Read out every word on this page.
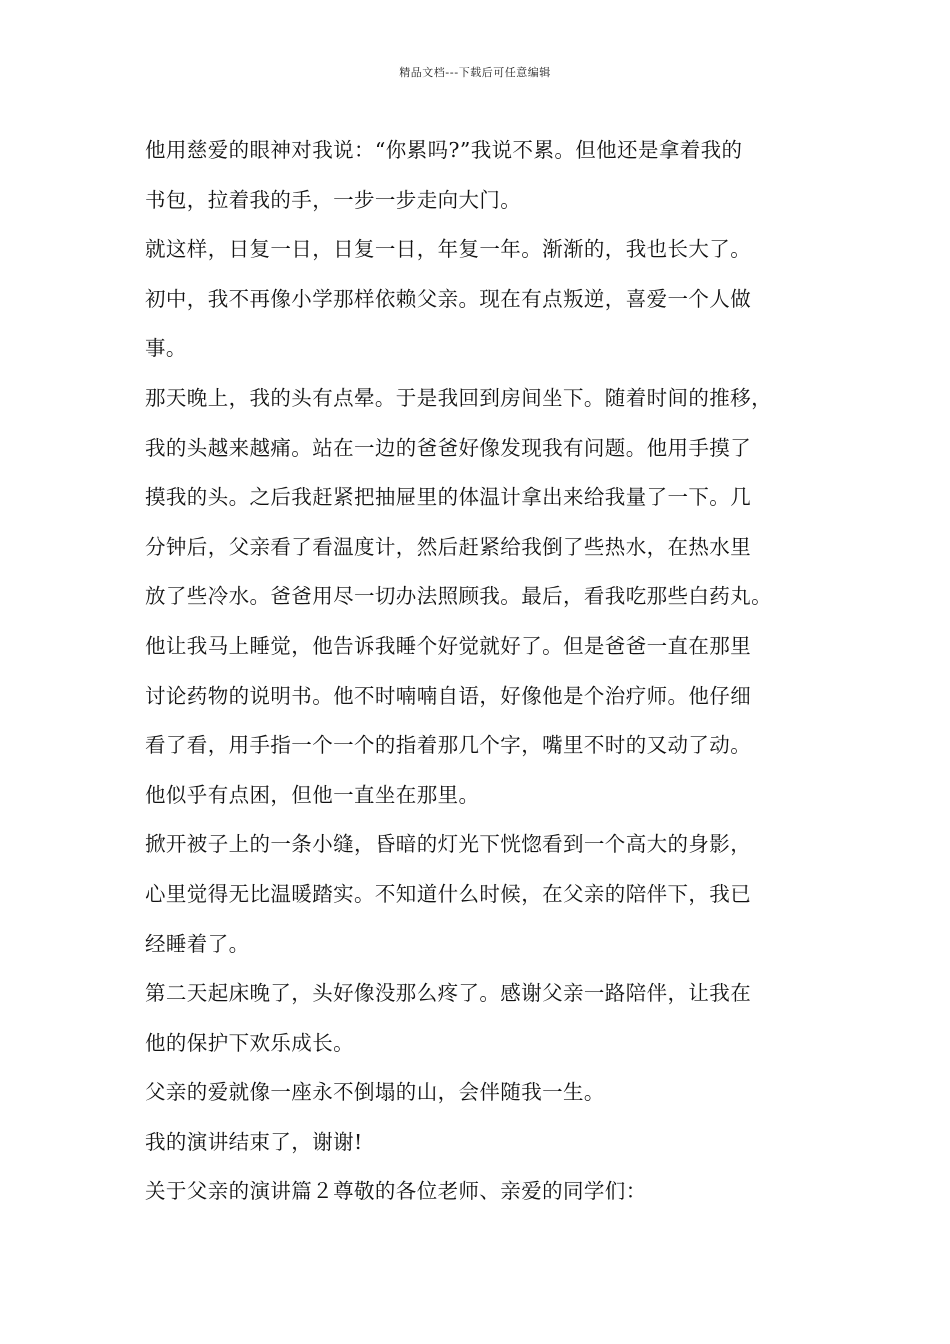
精品文档---下载后可任意编辑
他用慈爱的眼神对我说：“你累吗?”我说不累。但他还是拿着我的
书包，拉着我的手，一步一步走向大门。
就这样，日复一日，日复一日，年复一年。渐渐的，我也长大了。
初中，我不再像小学那样依赖父亲。现在有点叛逆，喜爱一个人做
事。
那天晚上，我的头有点晕。于是我回到房间坐下。随着时间的推移，
我的头越来越痛。站在一边的爸爸好像发现我有问题。他用手摸了
摸我的头。之后我赶紧把抽屉里的体温计拿出来给我量了一下。几
分钟后，父亲看了看温度计，然后赶紧给我倒了些热水，在热水里
放了些冷水。爸爸用尽一切办法照顾我。最后，看我吃那些白药丸。
他让我马上睡觉，他告诉我睡个好觉就好了。但是爸爸一直在那里
讨论药物的说明书。他不时喃喃自语，好像他是个治疗师。他仔细
看了看，用手指一个一个的指着那几个字，嘴里不时的又动了动。
他似乎有点困，但他一直坐在那里。
掀开被子上的一条小缝，昏暗的灯光下恍惚看到一个高大的身影，
心里觉得无比温暖踏实。不知道什么时候，在父亲的陪伴下，我已
经睡着了。
第二天起床晚了，头好像没那么疼了。感谢父亲一路陪伴，让我在
他的保护下欢乐成长。
父亲的爱就像一座永不倒塌的山，会伴随我一生。
我的演讲结束了，谢谢!
关于父亲的演讲篇２尊敬的各位老师、亲爱的同学们：
